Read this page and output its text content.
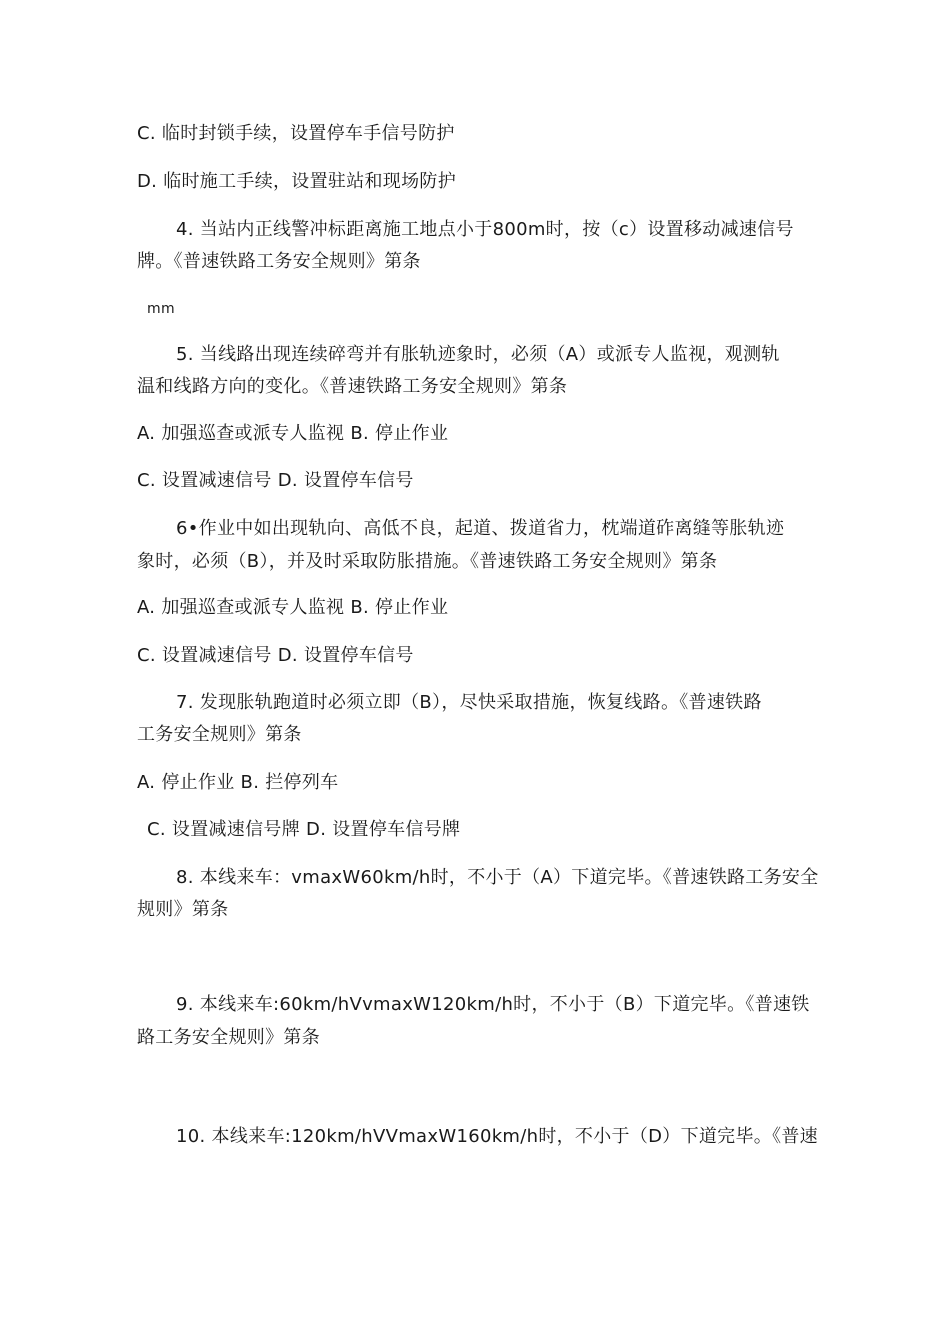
C. 临时封锁手续，设置停车手信号防护

D. 临时施工手续，设置驻站和现场防护

4. 当站内正线警冲标距离施工地点小于800m时，按（c）设置移动减速信号

牌。《普速铁路工务安全规则》第条

mm

5. 当线路出现连续碎弯并有胀轨迹象时，必须（A）或派专人监视，观测轨

温和线路方向的变化。《普速铁路工务安全规则》第条

A. 加强巡查或派专人监视 B. 停止作业

C. 设置减速信号 D. 设置停车信号

6•作业中如出现轨向、高低不良，起道、拨道省力，枕端道砟离缝等胀轨迹

象时，必须（B），并及时采取防胀措施。《普速铁路工务安全规则》第条

A. 加强巡查或派专人监视 B. 停止作业

C. 设置减速信号 D. 设置停车信号

7. 发现胀轨跑道时必须立即（B），尽快采取措施，恢复线路。《普速铁路

工务安全规则》第条

A. 停止作业 B. 拦停列车

C. 设置减速信号牌 D. 设置停车信号牌

8. 本线来车：vmaxW60km/h时，不小于（A）下道完毕。《普速铁路工务安全

规则》第条

9. 本线来车:60km/hVvmaxW120km/h时，不小于（B）下道完毕。《普速铁

路工务安全规则》第条

10. 本线来车:120km/hVVmaxW160km/h时，不小于（D）下道完毕。《普速
